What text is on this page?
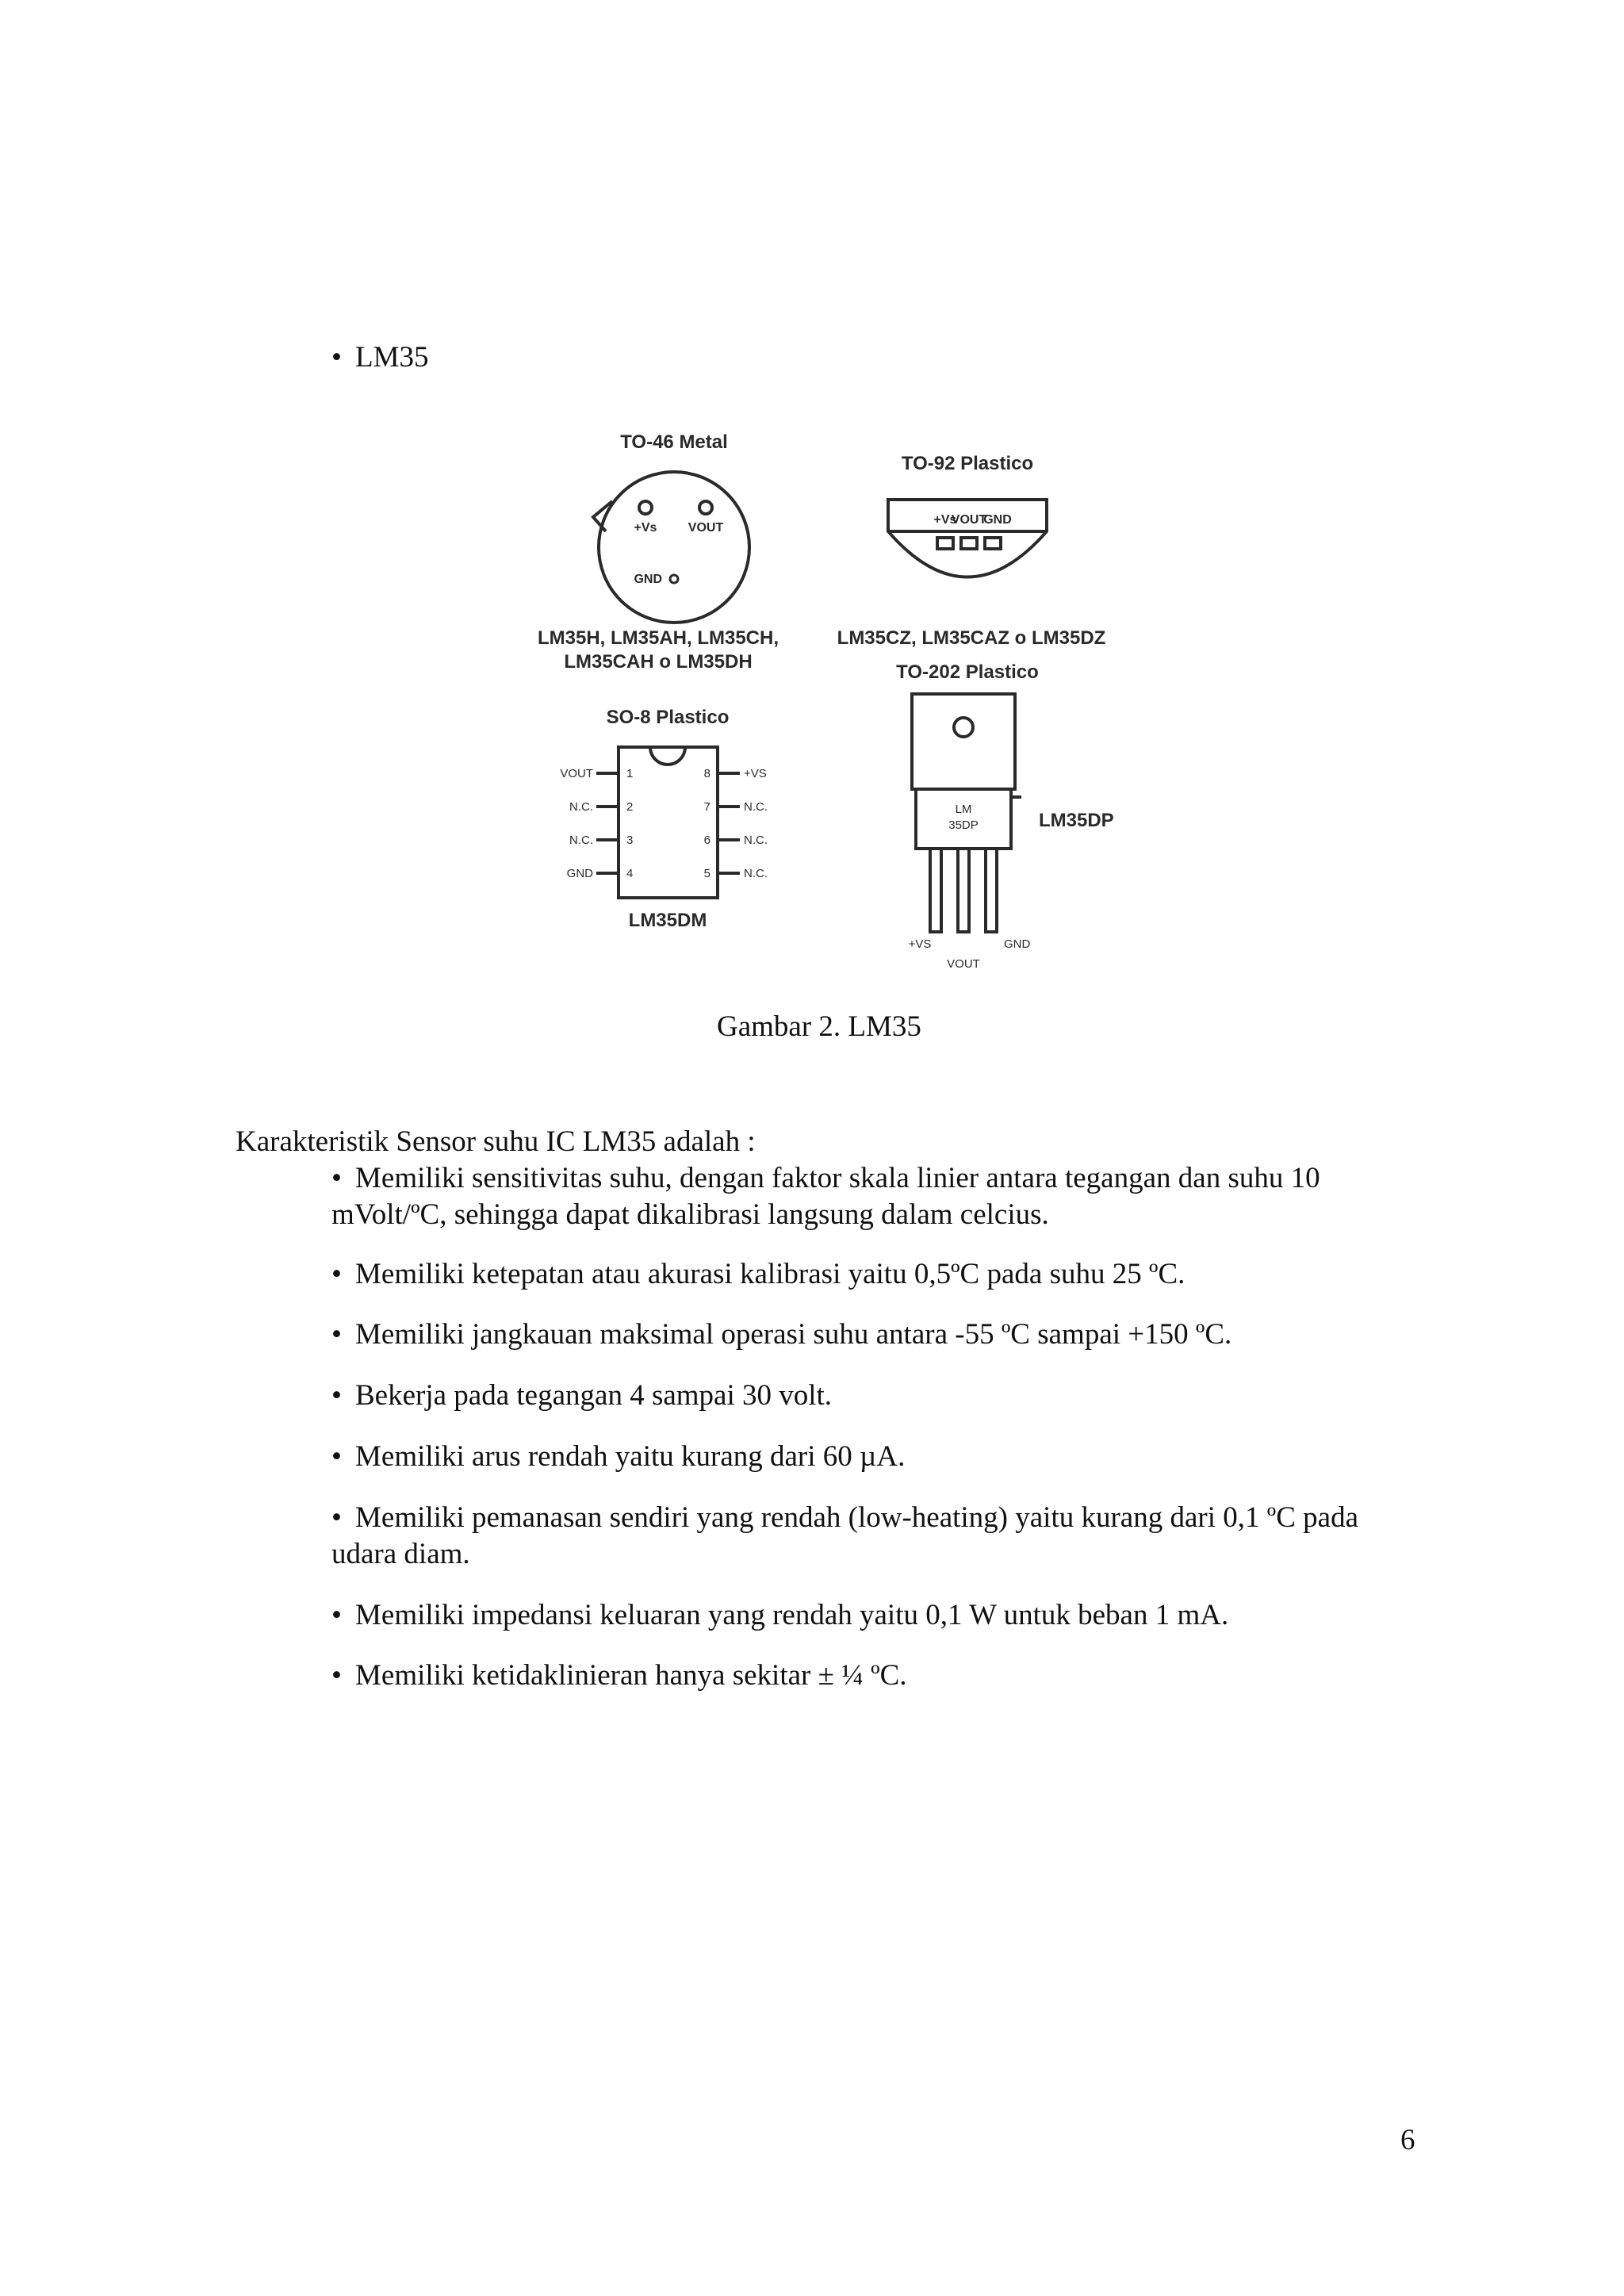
• LM35
TO-46 Metal
+Vs VOUT
GND
LM35H, LM35AH, LM35CH,
LM35CAH o LM35DH
TO-92 Plastico
+Vs
VOUT
GND
LM35CZ, LM35CAZ o LM35DZ
TO-202 Plastico
LM
35DP	LM35DP
+VS
VOUT
GND
SO-8 Plastico
LM35DM
VOUT	1
N.C.	2
N.C.	3
GND	4
+VS
8
N.C.
7
N.C.
6
N.C.
5
Gambar 2. LM35
Karakteristik Sensor suhu IC LM35 adalah :
• Memiliki sensitivitas suhu, dengan faktor skala linier antara tegangan dan suhu 10 mVolt/ºC, sehingga dapat dikalibrasi langsung dalam celcius.
• Memiliki ketepatan atau akurasi kalibrasi yaitu 0,5ºC pada suhu 25 ºC.
• Memiliki jangkauan maksimal operasi suhu antara -55 ºC sampai +150 ºC.
• Bekerja pada tegangan 4 sampai 30 volt.
• Memiliki arus rendah yaitu kurang dari 60 µA.
• Memiliki pemanasan sendiri yang rendah (low-heating) yaitu kurang dari 0,1 ºC pada udara diam.
• Memiliki impedansi keluaran yang rendah yaitu 0,1 W untuk beban 1 mA.
• Memiliki ketidaklinieran hanya sekitar ± ¼ ºC.
6
